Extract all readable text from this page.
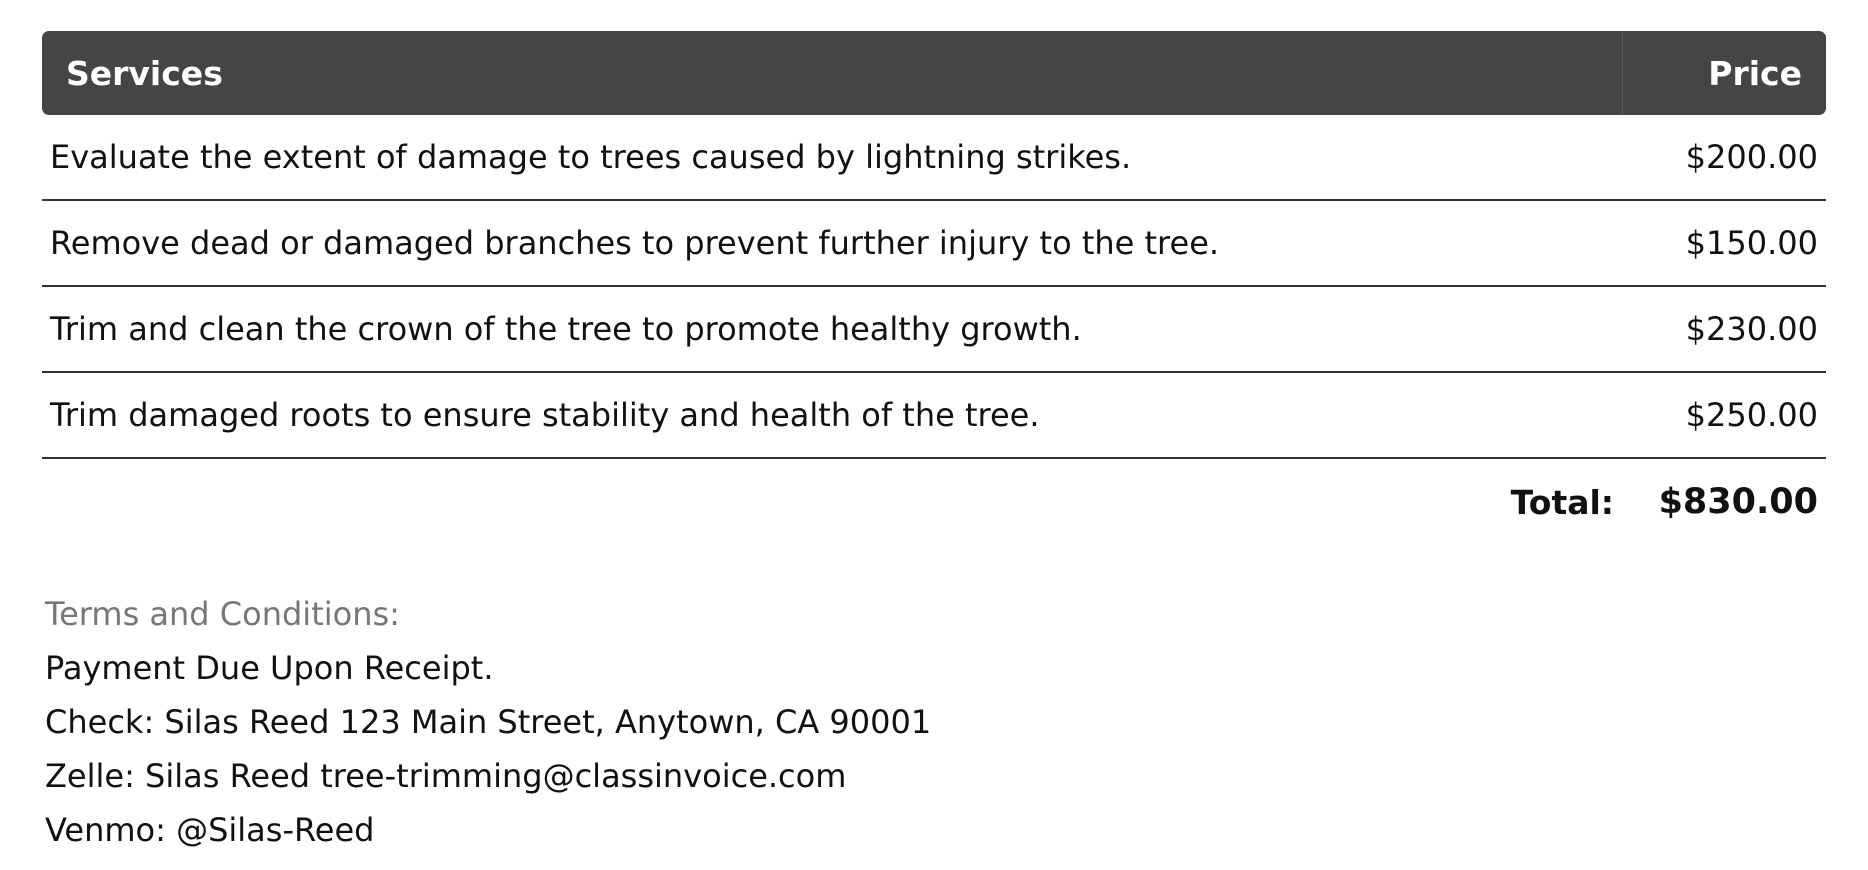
Services	Price
Evaluate the extent of damage to trees caused by lightning strikes.	$200.00
Remove dead or damaged branches to prevent further injury to the tree.	$150.00
Trim and clean the crown of the tree to promote healthy growth.	$230.00
Trim damaged roots to ensure stability and health of the tree.	$250.00
Total:	$830.00
Terms and Conditions:
Payment Due Upon Receipt.
Check: Silas Reed 123 Main Street, Anytown, CA 90001
Zelle: Silas Reed tree-trimming@classinvoice.com
Venmo: @Silas-Reed
